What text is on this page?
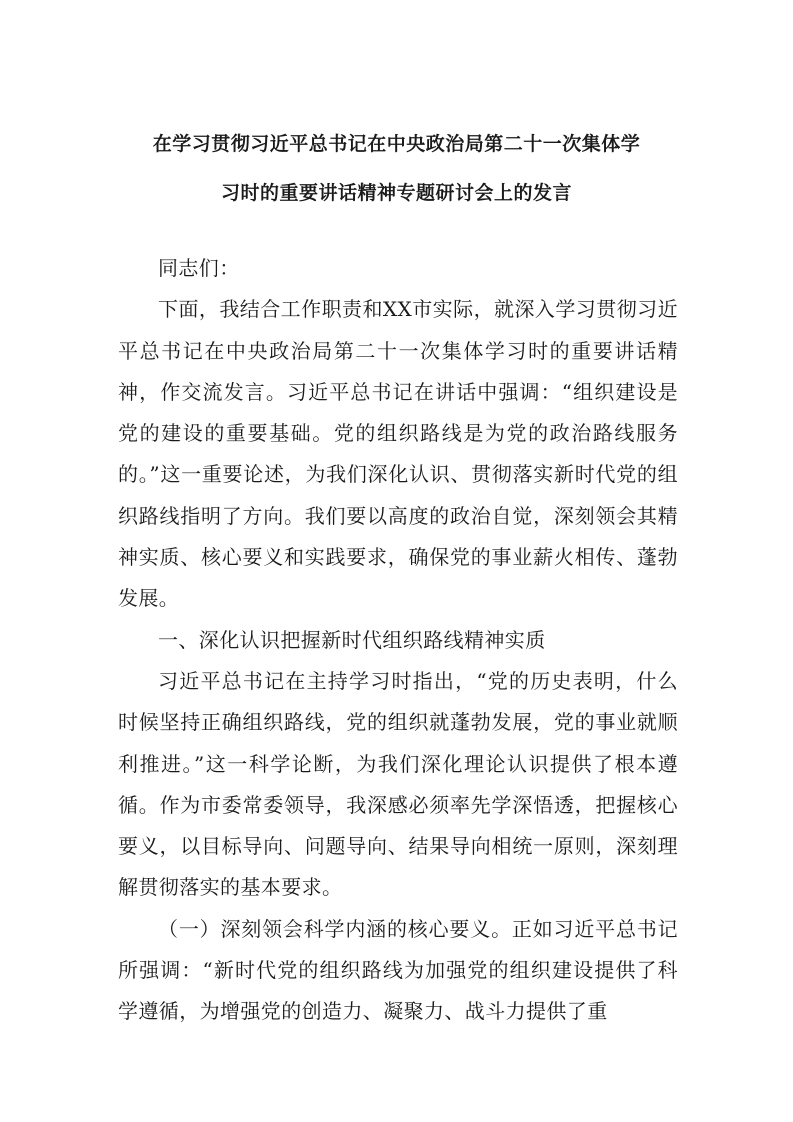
在学习贯彻习近平总书记在中央政治局第二十一次集体学
习时的重要讲话精神专题研讨会上的发言

同志们：

下面，我结合工作职责和XX市实际，就深入学习贯彻习近平总书记在中央政治局第二十一次集体学习时的重要讲话精神，作交流发言。习近平总书记在讲话中强调：“组织建设是党的建设的重要基础。党的组织路线是为党的政治路线服务的。”这一重要论述，为我们深化认识、贯彻落实新时代党的组织路线指明了方向。我们要以高度的政治自觉，深刻领会其精神实质、核心要义和实践要求，确保党的事业薪火相传、蓬勃发展。

一、深化认识把握新时代组织路线精神实质

习近平总书记在主持学习时指出，“党的历史表明，什么时候坚持正确组织路线，党的组织就蓬勃发展，党的事业就顺利推进。”这一科学论断，为我们深化理论认识提供了根本遵循。作为市委常委领导，我深感必须率先学深悟透，把握核心要义，以目标导向、问题导向、结果导向相统一原则，深刻理解贯彻落实的基本要求。

（一）深刻领会科学内涵的核心要义。正如习近平总书记所强调：“新时代党的组织路线为加强党的组织建设提供了科学遵循，为增强党的创造力、凝聚力、战斗力提供了重
